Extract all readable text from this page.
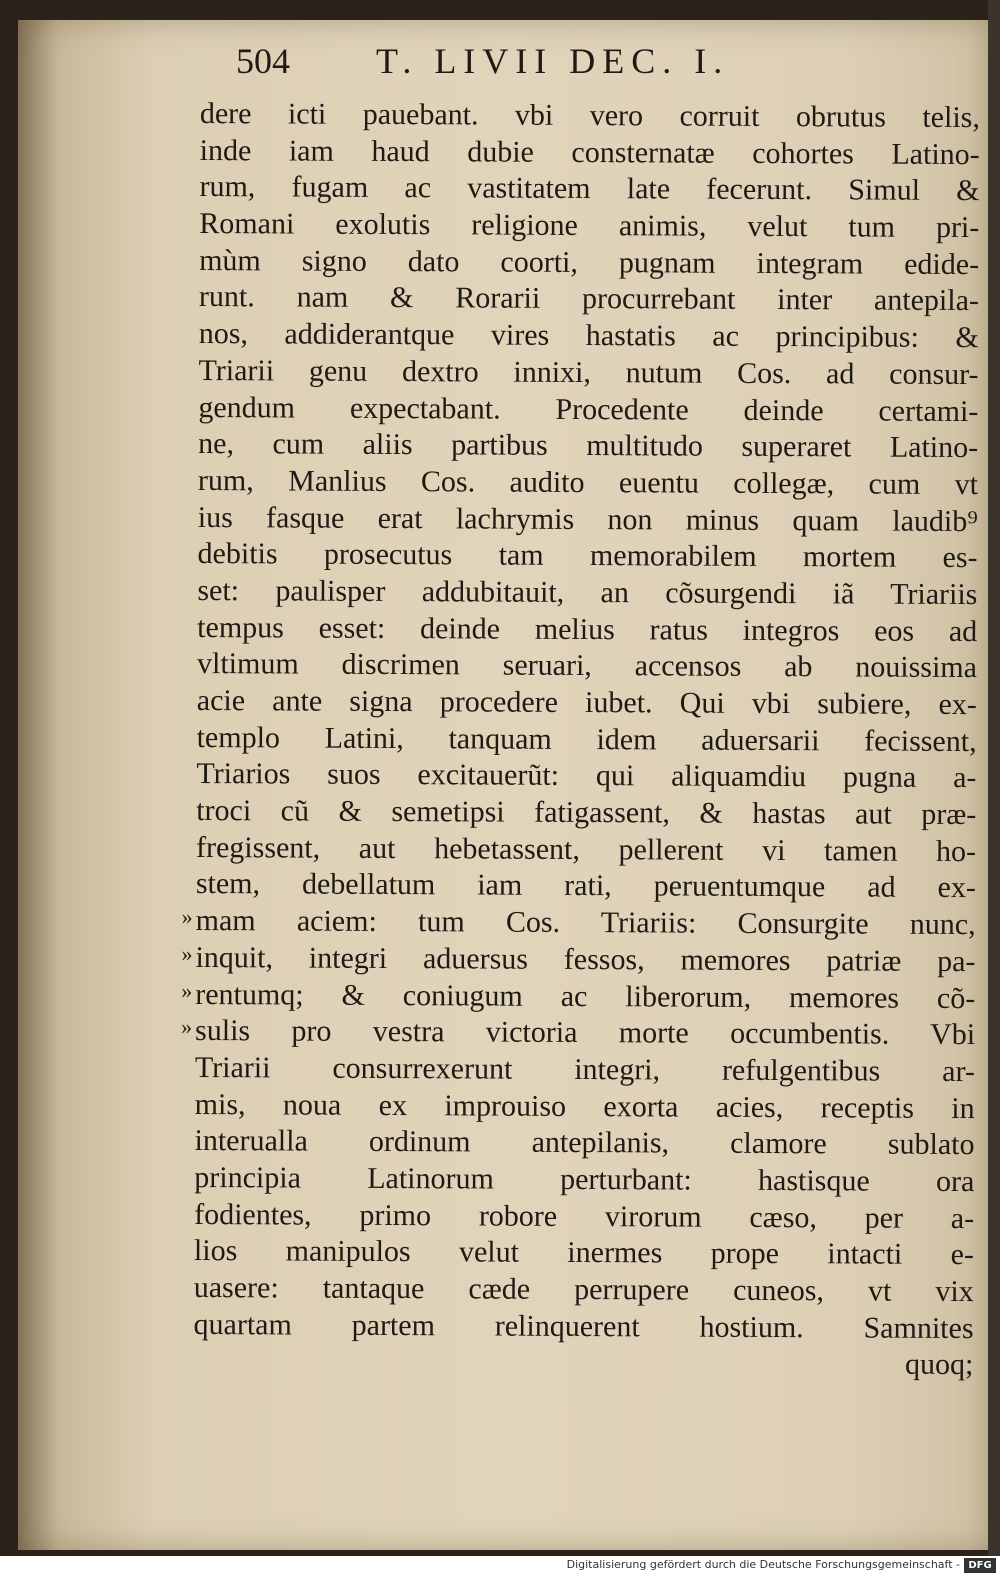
504 T. LIVII DEC. I.
dere icti pauebant. vbi vero corruit obrutus telis,
inde iam haud dubie consternatæ cohortes Latino-
rum, fugam ac vastitatem late fecerunt. Simul &
Romani exolutis religione animis, velut tum pri-
mùm signo dato coorti, pugnam integram edide-
runt. nam & Rorarii procurrebant inter antepila-
nos, addiderantque vires hastatis ac principibus: &
Triarii genu dextro innixi, nutum Cos. ad consur-
gendum expectabant. Procedente deinde certami-
ne, cum aliis partibus multitudo superaret Latino-
rum, Manlius Cos. audito euentu collegæ, cum vt
ius fasque erat lachrymis non minus quam laudib⁹
debitis prosecutus tam memorabilem mortem es-
set: paulisper addubitauit, an cõsurgendi iã Triariis
tempus esset: deinde melius ratus integros eos ad
vltimum discrimen seruari, accensos ab nouissima
acie ante signa procedere iubet. Qui vbi subiere, ex-
templo Latini, tanquam idem aduersarii fecissent,
Triarios suos excitauerũt: qui aliquamdiu pugna a-
troci cũ & semetipsi fatigassent, & hastas aut præ-
fregissent, aut hebetassent, pellerent vi tamen ho-
stem, debellatum iam rati, peruentumque ad ex-
» mam aciem: tum Cos. Triariis: Consurgite nunc,
» inquit, integri aduersus fessos, memores patriæ pa-
» rentumq; & coniugum ac liberorum, memores cõ-
» sulis pro vestra victoria morte occumbentis. Vbi
Triarii consurrexerunt integri, refulgentibus ar-
mis, noua ex improuiso exorta acies, receptis in
interualla ordinum antepilanis, clamore sublato
principia Latinorum perturbant: hastisque ora
fodientes, primo robore virorum cæso, per a-
lios manipulos velut inermes prope intacti e-
uasere: tantaque cæde perrupere cuneos, vt vix
quartam partem relinquerent hostium. Samnites
quoq;
Digitalisierung gefördert durch die Deutsche Forschungsgemeinschaft - DFG
